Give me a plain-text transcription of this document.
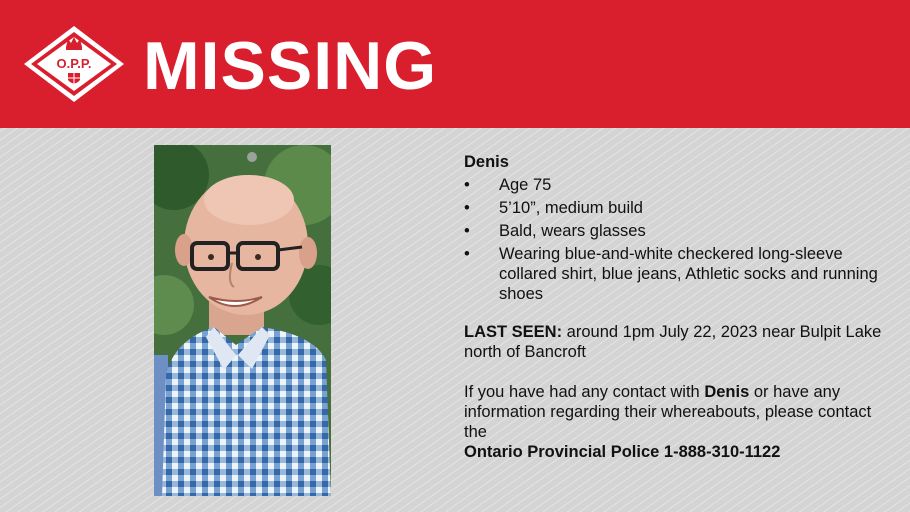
O.P.P. MISSING
Denis
• Age 75
• 5’10”, medium build
• Bald, wears glasses
• Wearing blue-and-white checkered long-sleeve collared shirt, blue jeans, Athletic socks and running shoes
LAST SEEN: around 1pm July 22, 2023 near Bulpit Lake north of Bancroft
If you have had any contact with Denis or have any information regarding their whereabouts, please contact the
Ontario Provincial Police 1-888-310-1122
